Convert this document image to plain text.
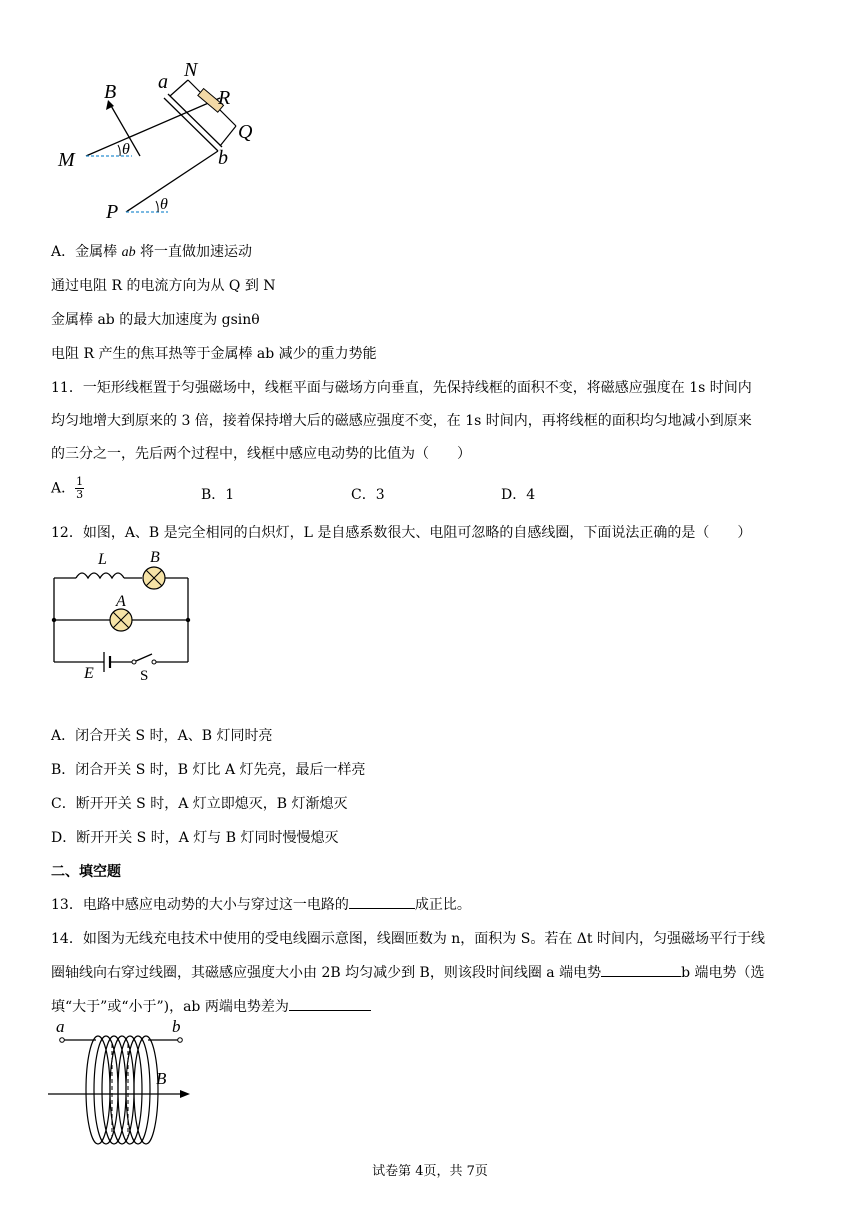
B a
N
R
Q
b
M
P
θ
θ
A．金属棒 ab 将一直做加速运动
通过电阻 R 的电流方向为从 Q 到 N
金属棒 ab 的最大加速度为 gsinθ
电阻 R 产生的焦耳热等于金属棒 ab 减少的重力势能
11．一矩形线框置于匀强磁场中，线框平面与磁场方向垂直，先保持线框的面积不变，将磁感应强度在 1s 时间内
均匀地增大到原来的 3 倍，接着保持增大后的磁感应强度不变，在 1s 时间内，再将线框的面积均匀地减小到原来
的三分之一，先后两个过程中，线框中感应电动势的比值为（　　）
A． $\frac{1}{3}$	B．1	C．3	D．4
12．如图，A、B 是完全相同的白炽灯，L 是自感系数很大、电阻可忽略的自感线圈，下面说法正确的是（　　）
L	B
A
E	S
A．闭合开关 S 时，A、B 灯同时亮
B．闭合开关 S 时，B 灯比 A 灯先亮，最后一样亮
C．断开开关 S 时，A 灯立即熄灭，B 灯渐熄灭
D．断开开关 S 时，A 灯与 B 灯同时慢慢熄灭
二、填空题
13．电路中感应电动势的大小与穿过这一电路的	成正比。
14．如图为无线充电技术中使用的受电线圈示意图，线圈匝数为 n，面积为 S。若在 Δt 时间内，匀强磁场平行于线
圈轴线向右穿过线圈，其磁感应强度大小由 2B 均匀减少到 B，则该段时间线圈 a 端电势	b 端电势（选
填“大于”或“小于”)，ab 两端电势差为
a	b
B
试卷第 4页，共 7页
